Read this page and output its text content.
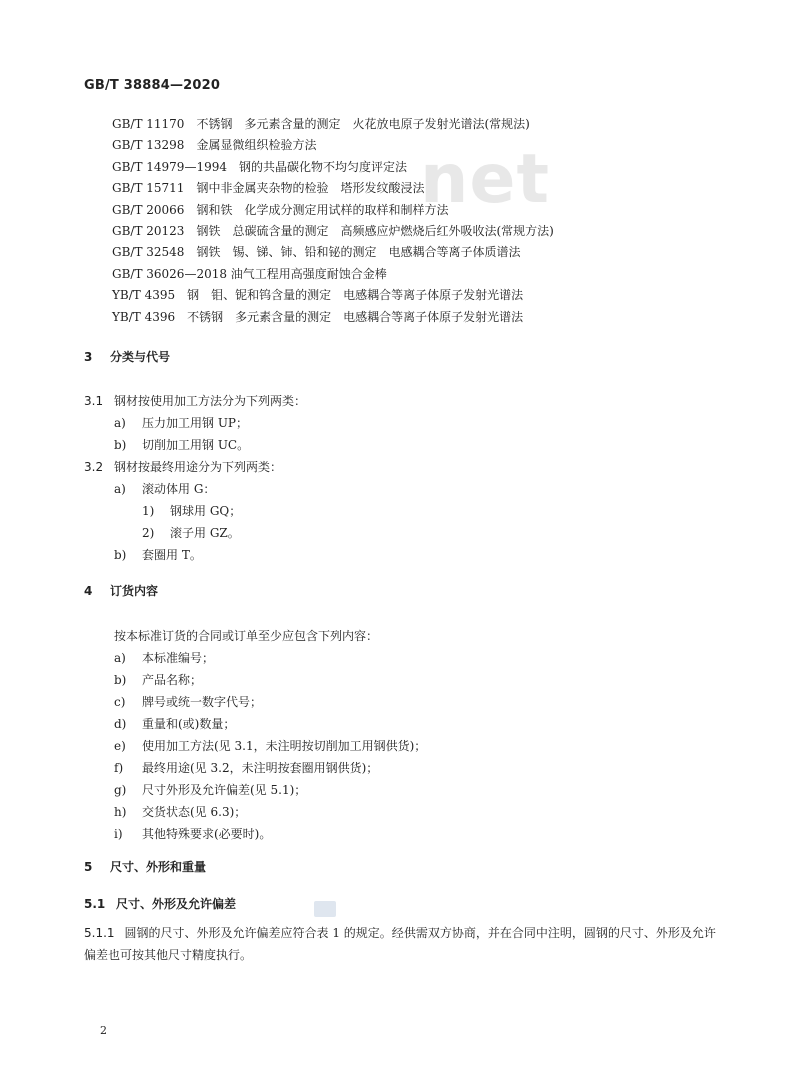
GB/T 38884—2020
net
GB/T 11170　不锈钢　多元素含量的测定　火花放电原子发射光谱法(常规法)
GB/T 13298　金属显微组织检验方法
GB/T 14979—1994　钢的共晶碳化物不均匀度评定法
GB/T 15711　钢中非金属夹杂物的检验　塔形发纹酸浸法
GB/T 20066　钢和铁　化学成分测定用试样的取样和制样方法
GB/T 20123　钢铁　总碳硫含量的测定　高频感应炉燃烧后红外吸收法(常规方法)
GB/T 32548　钢铁　锡、锑、铈、铅和铋的测定　电感耦合等离子体质谱法
GB/T 36026—2018 油气工程用高强度耐蚀合金棒
YB/T 4395　钢　钼、铌和钨含量的测定　电感耦合等离子体原子发射光谱法
YB/T 4396　不锈钢　多元素含量的测定　电感耦合等离子体原子发射光谱法
3 分类与代号
3.1 钢材按使用加工方法分为下列两类：
a) 压力加工用钢 UP；
b) 切削加工用钢 UC。
3.2 钢材按最终用途分为下列两类：
a) 滚动体用 G：
1) 钢球用 GQ；
2) 滚子用 GZ。
b) 套圈用 T。
4 订货内容
按本标准订货的合同或订单至少应包含下列内容：
a) 本标准编号；
b) 产品名称；
c) 牌号或统一数字代号；
d) 重量和(或)数量；
e) 使用加工方法(见 3.1，未注明按切削加工用钢供货)；
f) 最终用途(见 3.2，未注明按套圈用钢供货)；
g) 尺寸外形及允许偏差(见 5.1)；
h) 交货状态(见 6.3)；
i) 其他特殊要求(必要时)。
5 尺寸、外形和重量
5.1 尺寸、外形及允许偏差
5.1.1 圆钢的尺寸、外形及允许偏差应符合表 1 的规定。经供需双方协商，并在合同中注明，圆钢的尺寸、外形及允许偏差也可按其他尺寸精度执行。
2
